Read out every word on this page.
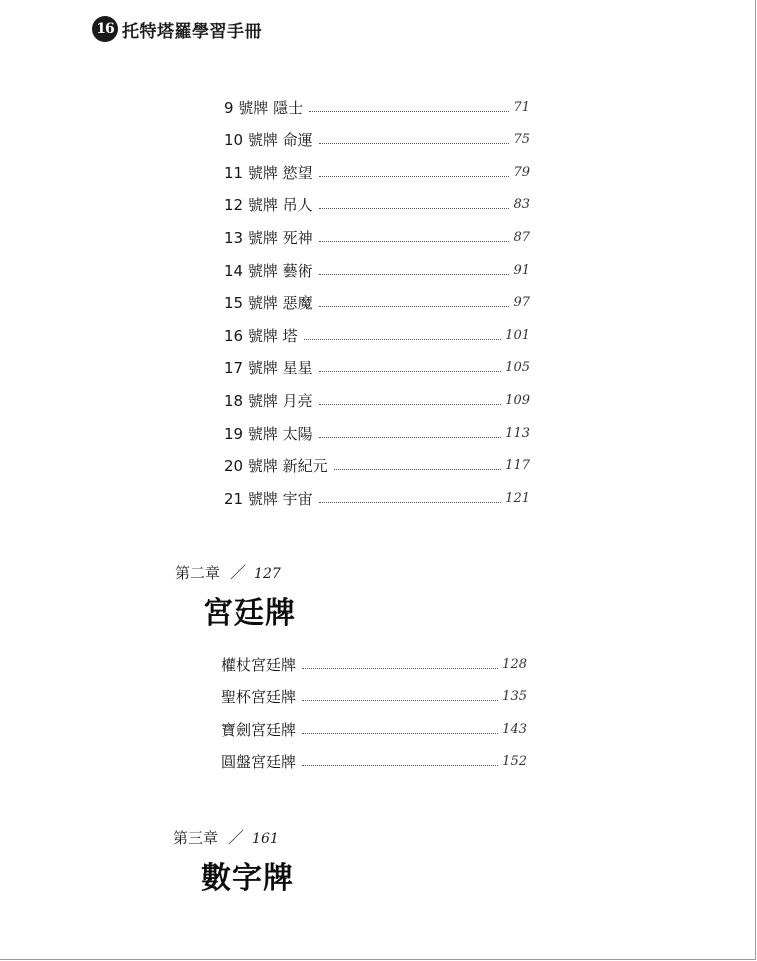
16 托特塔羅學習手冊
9 號牌 隱士	71
10 號牌 命運	75
11 號牌 慾望	79
12 號牌 吊人	83
13 號牌 死神	87
14 號牌 藝術	91
15 號牌 惡魔	97
16 號牌 塔	101
17 號牌 星星	105
18 號牌 月亮	109
19 號牌 太陽	113
20 號牌 新紀元	117
21 號牌 宇宙	121
第二章 ／ 127
宮廷牌
權杖宮廷牌	128
聖杯宮廷牌	135
寶劍宮廷牌	143
圓盤宮廷牌	152
第三章 ／ 161
數字牌
